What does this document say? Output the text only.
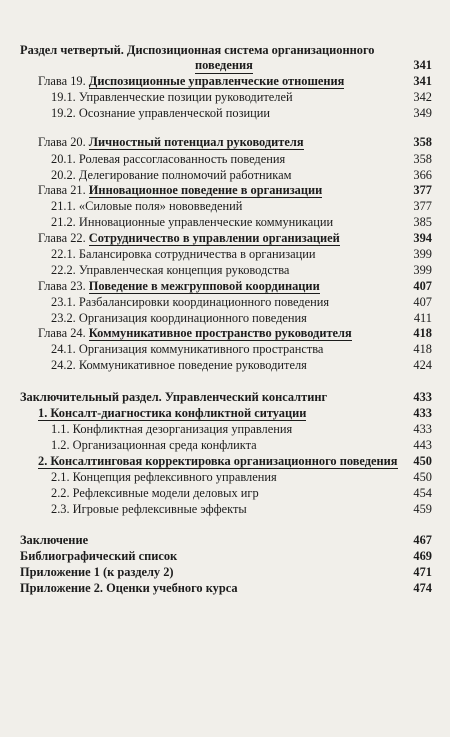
Раздел четвертый. Диспозиционная система организационного
поведения	341
Глава 19. Диспозиционные управленческие отношения	341
19.1. Управленческие позиции руководителей	342
19.2. Осознание управленческой позиции	349
Глава 20. Личностный потенциал руководителя	358
20.1. Ролевая рассогласованность поведения	358
20.2. Делегирование полномочий работникам	366
Глава 21. Инновационное поведение в организации	377
21.1. «Силовые поля» нововведений	377
21.2. Инновационные управленческие коммуникации	385
Глава 22. Сотрудничество в управлении организацией	394
22.1. Балансировка сотрудничества в организации	399
22.2. Управленческая концепция руководства	399
Глава 23. Поведение в межгрупповой координации	407
23.1. Разбалансировки координационного поведения	407
23.2. Организация координационного поведения	411
Глава 24. Коммуникативное пространство руководителя	418
24.1. Организация коммуникативного пространства	418
24.2. Коммуникативное поведение руководителя	424
Заключительный раздел. Управленческий консалтинг	433
1. Консалт-диагностика конфликтной ситуации	433
1.1. Конфликтная дезорганизация управления	433
1.2. Организационная среда конфликта	443
2. Консалтинговая корректировка организационного поведения	450
2.1. Концепция рефлексивного управления	450
2.2. Рефлексивные модели деловых игр	454
2.3. Игровые рефлексивные эффекты	459
Заключение	467
Библиографический список	469
Приложение 1 (к разделу 2)	471
Приложение 2. Оценки учебного курса	474
